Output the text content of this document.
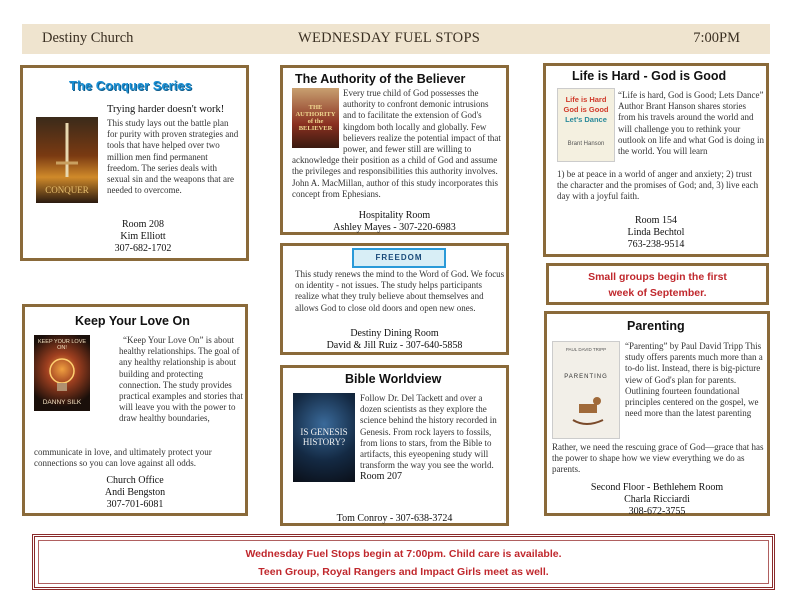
Destiny Church	WEDNESDAY FUEL STOPS	7:00PM
The Conquer Series
CONQUER
Trying harder doesn't work!
This study lays out the battle plan for purity with proven strategies and tools that have helped over two million men find permanent freedom. The series deals with sexual sin and the weapons that are needed to overcome.
Room 208
Kim Elliott
307-682-1702
The Authority of the Believer
THE AUTHORITY of the BELIEVER
Every true child of God possesses the authority to confront demonic intrusions and to facilitate the extension of God's kingdom both locally and globally. Few believers realize the potential impact of that power, and fewer still are willing to acknowledge their position as a child of God and assume the privileges and responsibilities this authority involves. John A. MacMillan, author of this study incorporates this concept from Ephesians.
Hospitality Room
Ashley Mayes - 307-220-6983
Life is Hard - God is Good
Life is Hard
God is Good
Let's Dance
Brant Hanson
“Life is hard, God is Good; Lets Dance” Author Brant Hanson shares stories from his travels around the world and will challenge you to rethink your outlook on life and what God is doing in the world. You will learn
1) be at peace in a world of anger and anxiety; 2) trust the character and the promises of God; and, 3) live each day with a joyful faith.
Room 154
Linda Bechtol
763-238-9514
FREEDOM
This study renews the mind to the Word of God. We focus on identity - not issues. The study helps participants realize what they truly believe about themselves and allows God to close old doors and open new ones.
Destiny Dining Room
David & Jill Ruiz - 307-640-5858
Small groups begin the first
week of September.
Keep Your Love On
KEEP YOUR LOVE ON!
DANNY SILK
“Keep Your Love On” is about healthy relationships. The goal of any healthy relationship is about building and protecting connection. The study provides practical examples and stories that will leave you with the power to draw healthy boundaries,
communicate in love, and ultimately protect your connections so you can love against all odds.
Church Office
Andi Bengston
307-701-6081
Bible Worldview
IS GENESIS HISTORY?
Follow Dr. Del Tackett and over a dozen scientists as they explore the science behind the history recorded in Genesis. From rock layers to fossils, from lions to stars, from the Bible to artifacts, this eyeopening study will transform the way you see the world. Room 207
Tom Conroy - 307-638-3724
Parenting
PAUL DAVID TRIPP
PARENTING
“Parenting” by Paul David Tripp This study offers parents much more than a to-do list. Instead, there is big-picture view of God's plan for parents. Outlining fourteen foundational principles centered on the gospel, we need more than the latest parenting
Rather, we need the rescuing grace of God—grace that has the power to shape how we view everything we do as parents.
Second Floor - Bethlehem Room
Charla Ricciardi
308-672-3755
Wednesday Fuel Stops begin at 7:00pm. Child care is available.
Teen Group, Royal Rangers and Impact Girls meet as well.
